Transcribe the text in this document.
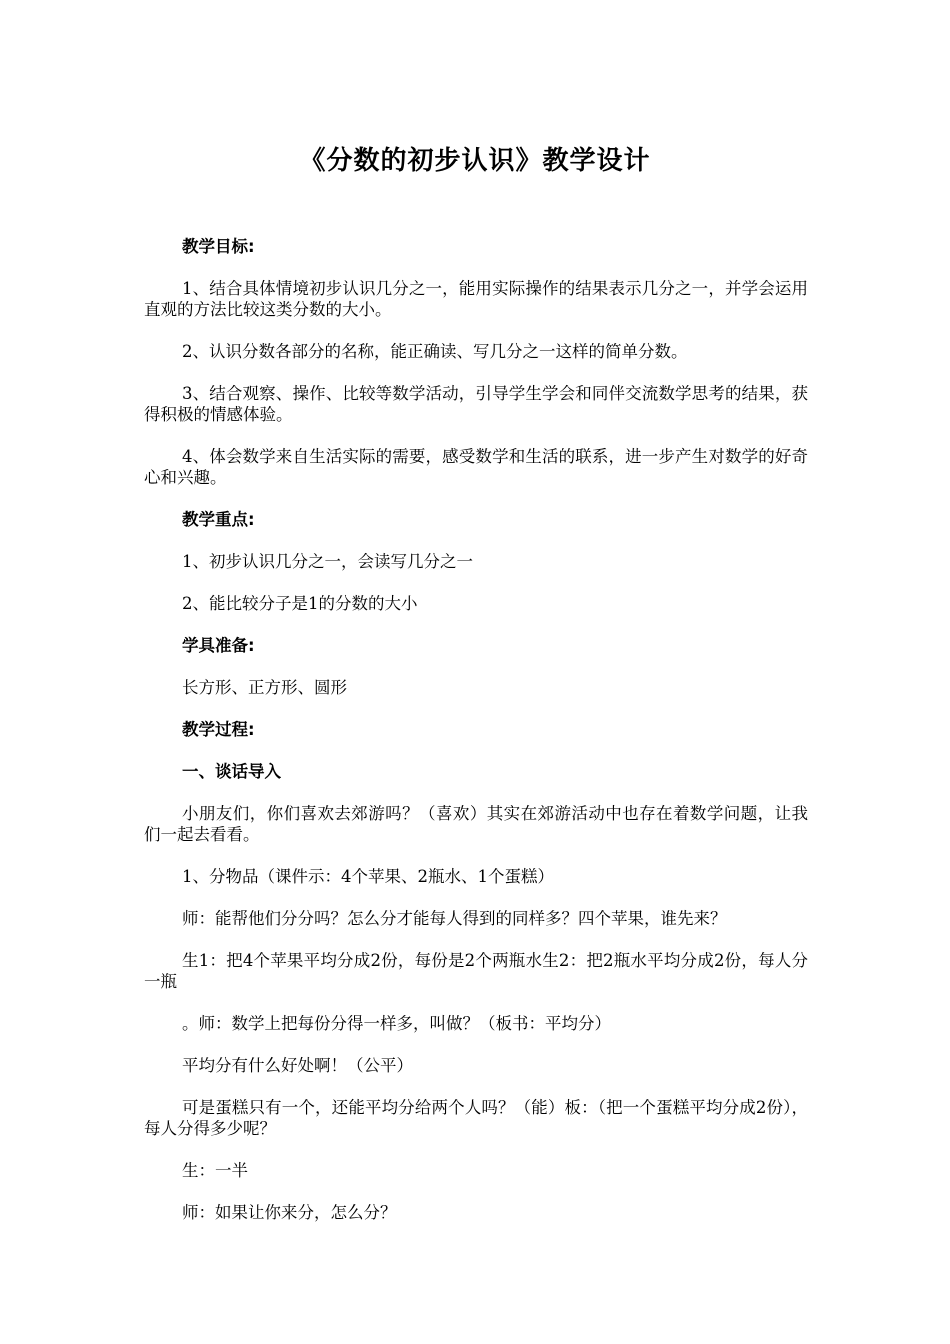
《分数的初步认识》教学设计

教学目标:

1、结合具体情境初步认识几分之一，能用实际操作的结果表示几分之一，并学会运用直观的方法比较这类分数的大小。

2、认识分数各部分的名称，能正确读、写几分之一这样的简单分数。

3、结合观察、操作、比较等数学活动，引导学生学会和同伴交流数学思考的结果，获得积极的情感体验。

4、体会数学来自生活实际的需要，感受数学和生活的联系，进一步产生对数学的好奇心和兴趣。

教学重点:

1、初步认识几分之一，会读写几分之一

2、能比较分子是1的分数的大小

学具准备:

长方形、正方形、圆形

教学过程:

一、谈话导入

小朋友们，你们喜欢去郊游吗？（喜欢）其实在郊游活动中也存在着数学问题，让我们一起去看看。

1、分物品（课件示：4个苹果、2瓶水、1个蛋糕）

师：能帮他们分分吗？怎么分才能每人得到的同样多？四个苹果，谁先来？

生1：把4个苹果平均分成2份，每份是2个两瓶水生2：把2瓶水平均分成2份，每人分一瓶

。师：数学上把每份分得一样多，叫做？（板书：平均分）

平均分有什么好处啊！（公平）

可是蛋糕只有一个，还能平均分给两个人吗？（能）板：（把一个蛋糕平均分成2份），每人分得多少呢？

生：一半

师：如果让你来分，怎么分？
